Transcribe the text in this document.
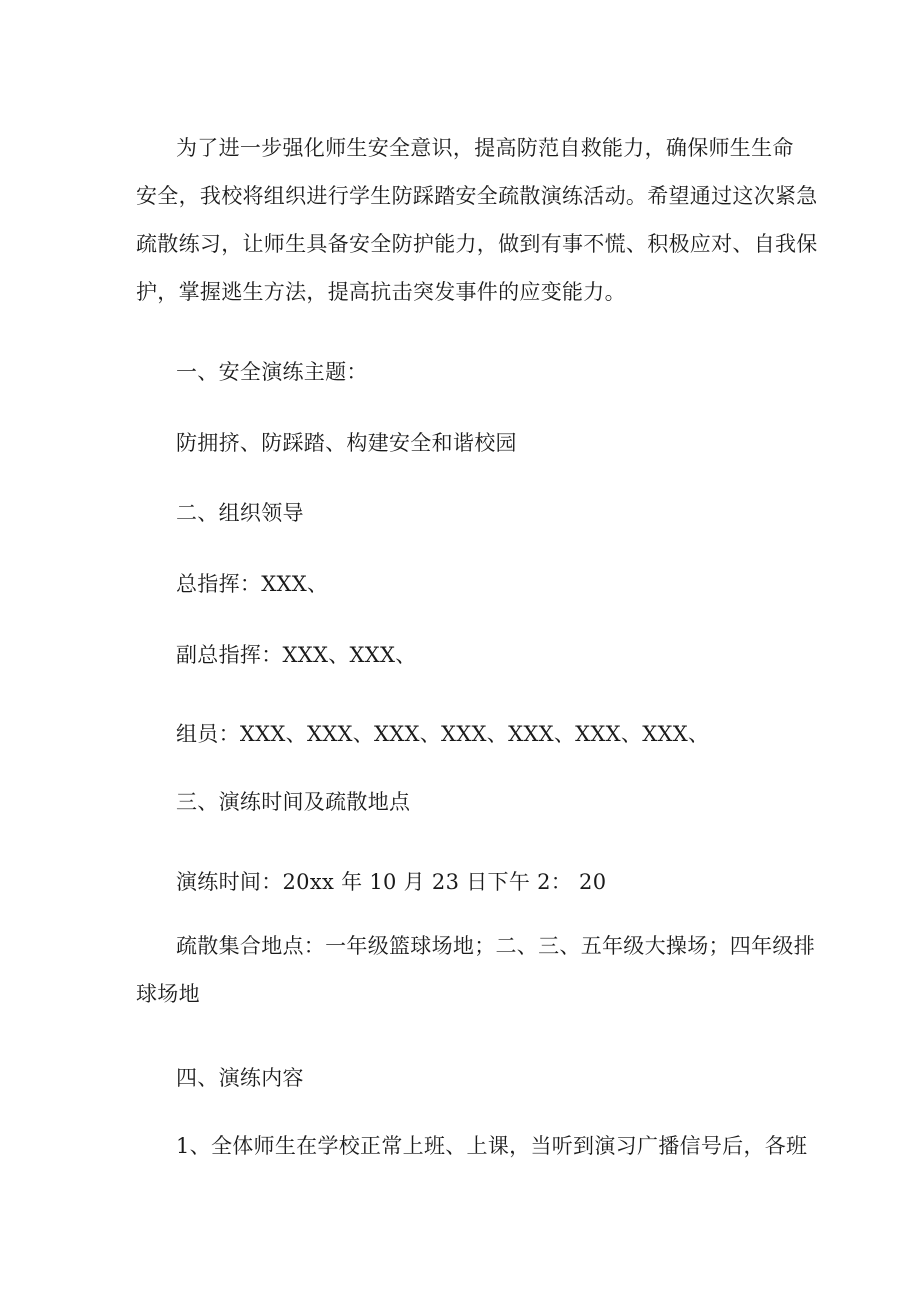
为了进一步强化师生安全意识，提高防范自救能力，确保师生生命
安全，我校将组织进行学生防踩踏安全疏散演练活动。希望通过这次紧急
疏散练习，让师生具备安全防护能力，做到有事不慌、积极应对、自我保
护，掌握逃生方法，提高抗击突发事件的应变能力。

一、安全演练主题：

防拥挤、防踩踏、构建安全和谐校园

二、组织领导

总指挥：XXX、

副总指挥：XXX、XXX、

组员：XXX、XXX、XXX、XXX、XXX、XXX、XXX、

三、演练时间及疏散地点

演练时间：20xx 年 10 月 23 日下午 2： 20

疏散集合地点：一年级篮球场地；二、三、五年级大操场；四年级排
球场地

四、演练内容

1、全体师生在学校正常上班、上课，当听到演习广播信号后，各班
